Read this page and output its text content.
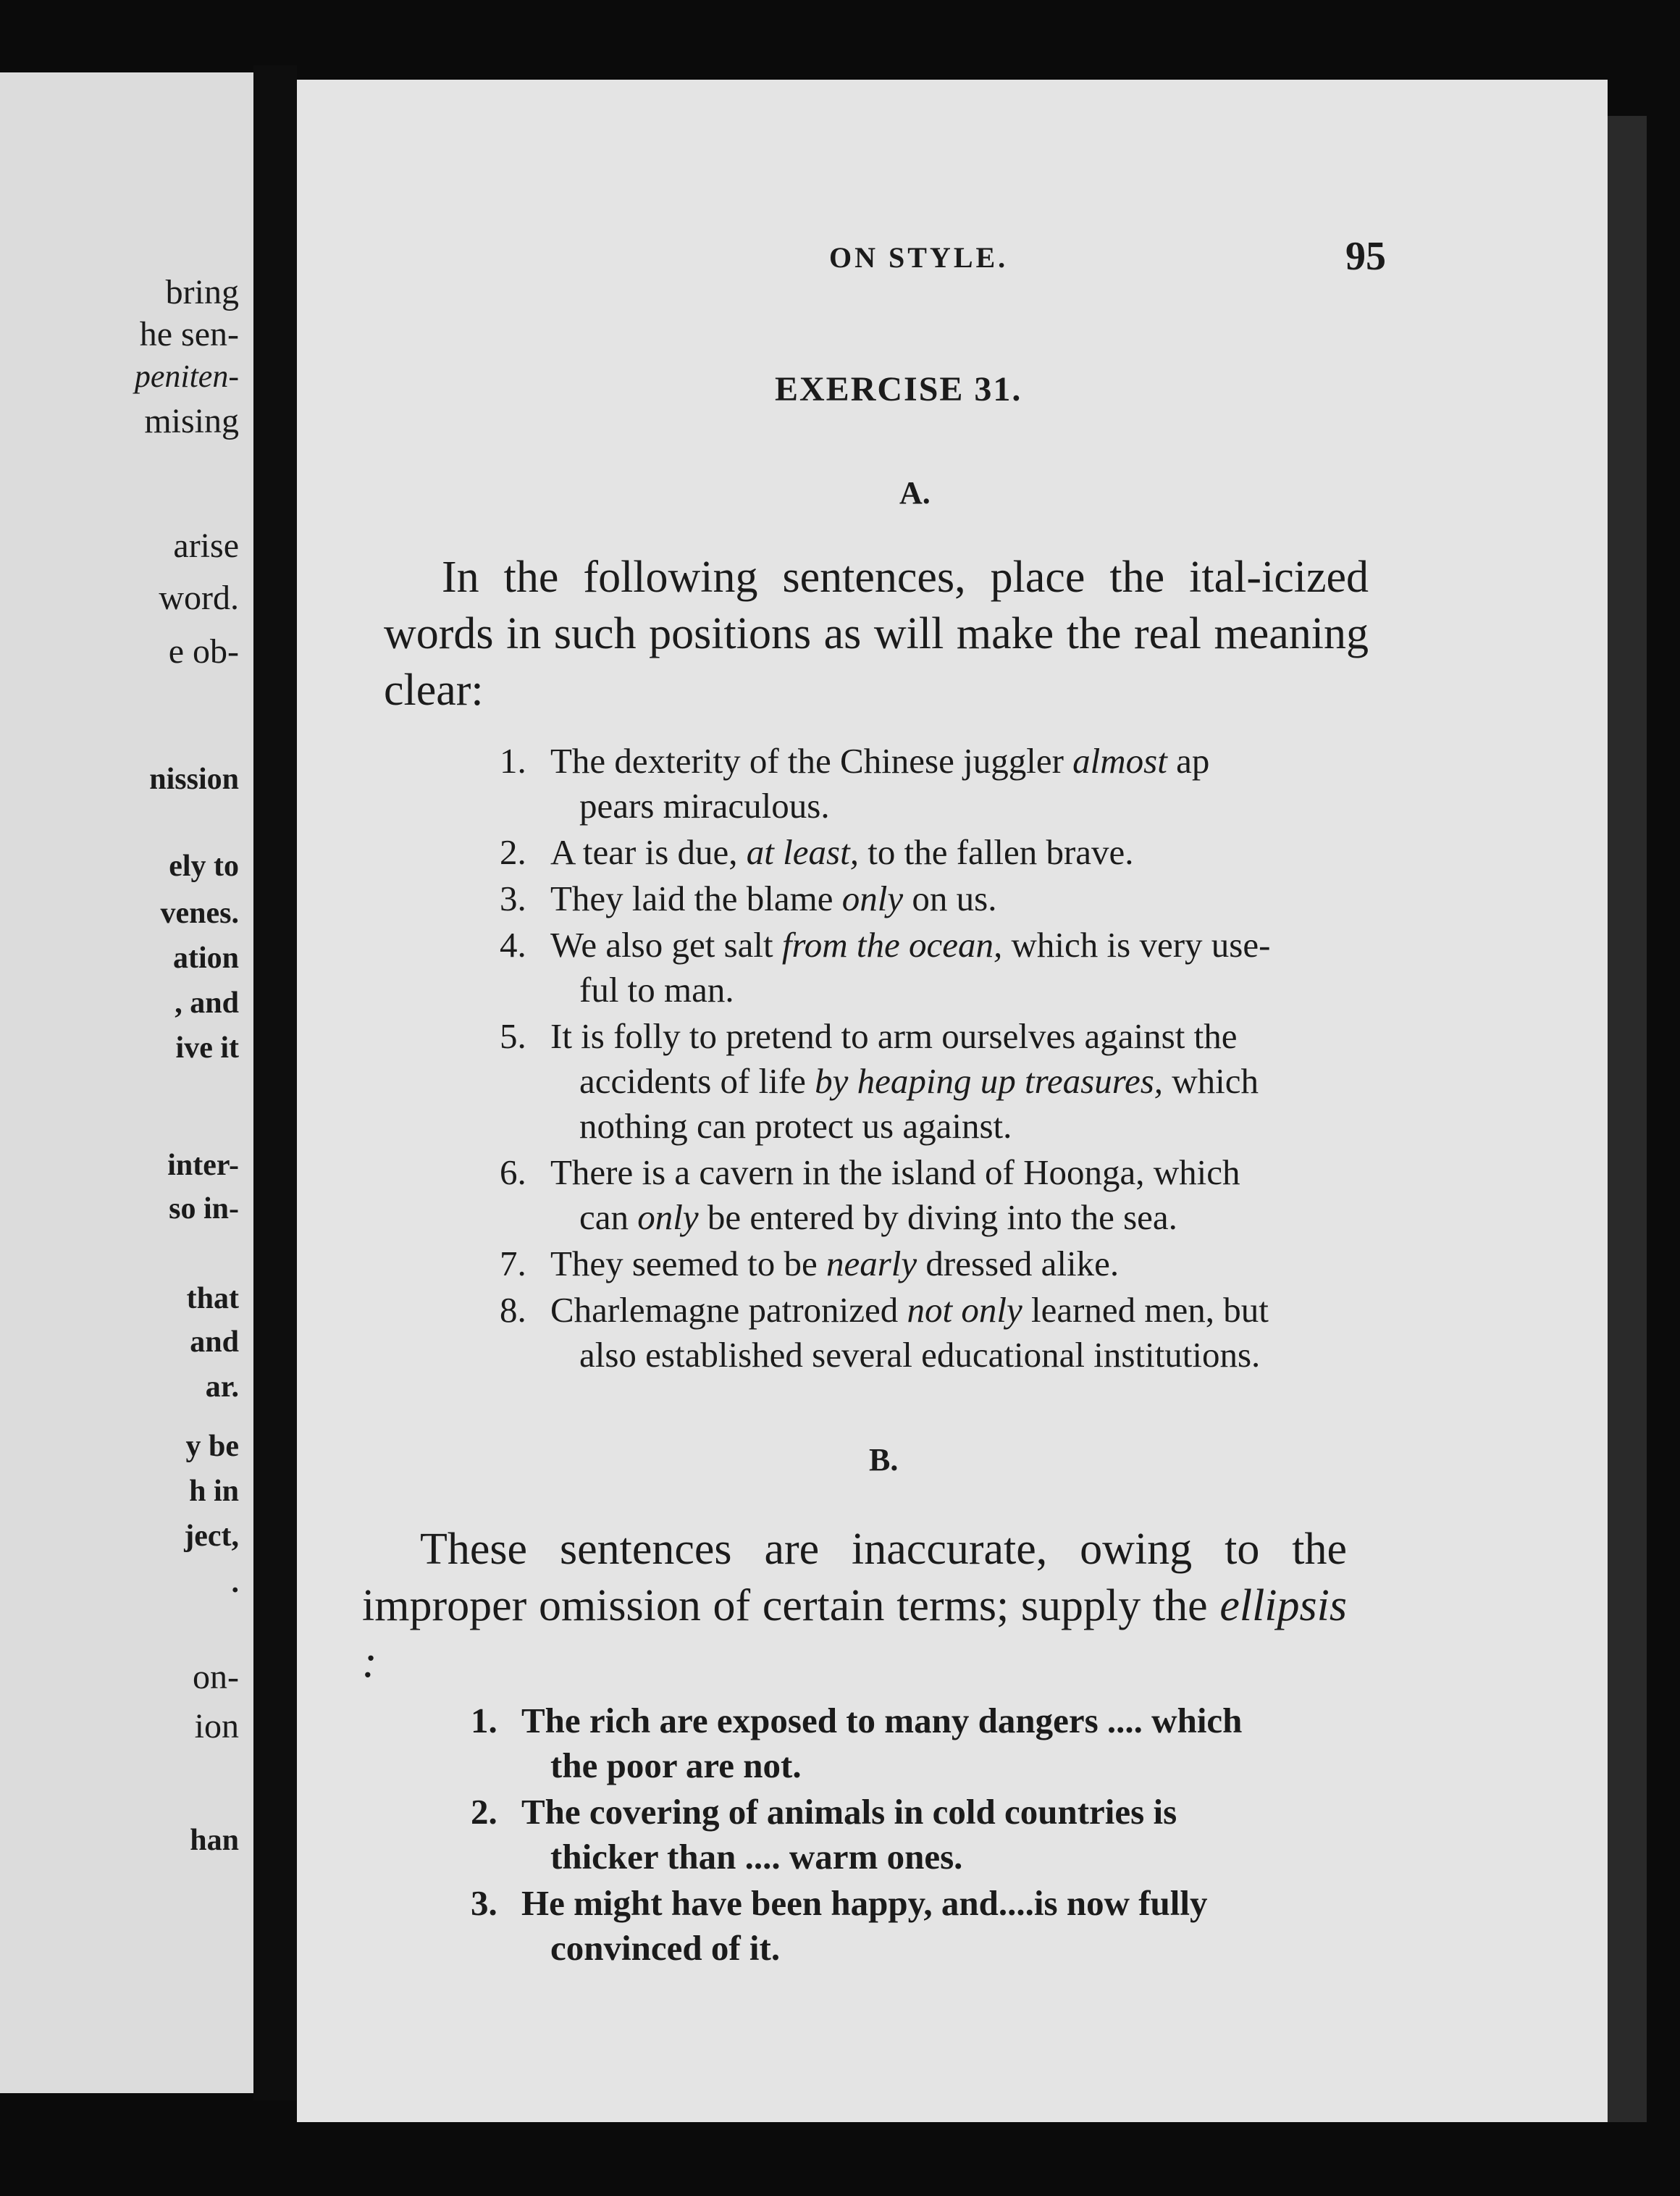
bring
he sen-
peniten-
mising
arise
word.
e ob-
nission
ely to
venes.
ation
, and
ive it
inter-
so in-
that
and
ar.
y be
h in
ject,
.
on-
ion
han
ON STYLE.	95
EXERCISE 31.
A.
In the following sentences, place the ital-icized words in such positions as will make the real meaning clear:
1. The dexterity of the Chinese juggler almost ap
pears miraculous.
2. A tear is due, at least, to the fallen brave.
3. They laid the blame only on us.
4. We also get salt from the ocean, which is very use-
ful to man.
5. It is folly to pretend to arm ourselves against the
accidents of life by heaping up treasures, which
nothing can protect us against.
6. There is a cavern in the island of Hoonga, which
can only be entered by diving into the sea.
7. They seemed to be nearly dressed alike.
8. Charlemagne patronized not only learned men, but
also established several educational institutions.
B.
These sentences are inaccurate, owing to the improper omission of certain terms; supply the ellipsis :
1. The rich are exposed to many dangers .... which
the poor are not.
2. The covering of animals in cold countries is
thicker than .... warm ones.
3. He might have been happy, and....is now fully
convinced of it.
